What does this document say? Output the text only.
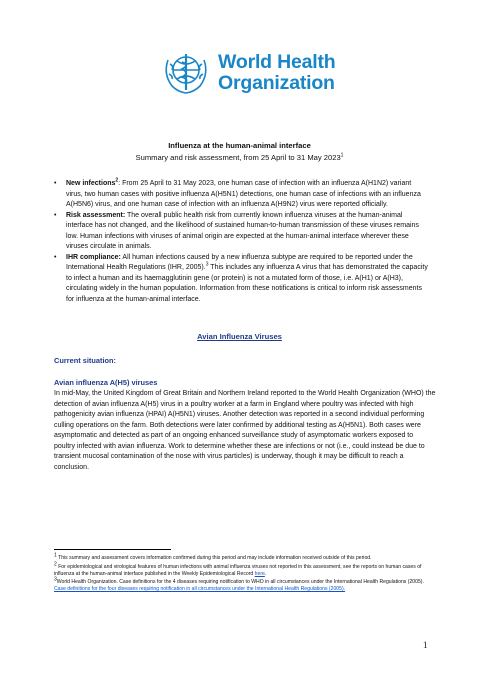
World Health
Organization
Influenza at the human-animal interface
Summary and risk assessment, from 25 April to 31 May 2023$^1$
• New infections$^2$: From 25 April to 31 May 2023, one human case of infection with an influenza A(H1N2) variant virus, two human cases with positive influenza A(H5N1) detections, one human case of infections with an influenza A(H5N6) virus, and one human case of infection with an influenza A(H9N2) virus were reported officially.
• Risk assessment: The overall public health risk from currently known influenza viruses at the human-animal interface has not changed, and the likelihood of sustained human-to-human transmission of these viruses remains low. Human infections with viruses of animal origin are expected at the human-animal interface wherever these viruses circulate in animals.
• IHR compliance: All human infections caused by a new influenza subtype are required to be reported under the International Health Regulations (IHR, 2005).$^3$ This includes any influenza A virus that has demonstrated the capacity to infect a human and its haemagglutinin gene (or protein) is not a mutated form of those, i.e. A(H1) or A(H3), circulating widely in the human population. Information from these notifications is critical to inform risk assessments for influenza at the human-animal interface.
Avian Influenza Viruses
Current situation:
Avian influenza A(H5) viruses
In mid-May, the United Kingdom of Great Britain and Northern Ireland reported to the World Health Organization (WHO) the detection of avian influenza A(H5) virus in a poultry worker at a farm in England where poultry was infected with high pathogenicity avian influenza (HPAI) A(H5N1) viruses. Another detection was reported in a second individual performing culling operations on the farm. Both detections were later confirmed by additional testing as A(H5N1). Both cases were asymptomatic and detected as part of an ongoing enhanced surveillance study of asymptomatic workers exposed to poultry infected with avian influenza. Work to determine whether these are infections or not (i.e., could instead be due to transient mucosal contamination of the nose with virus particles) is underway, though it may be difficult to reach a conclusion.
$^1$ This summary and assessment covers information confirmed during this period and may include information received outside of this period.
$^2$ For epidemiological and virological features of human infections with animal influenza viruses not reported in this assessment, see the reports on human cases of influenza at the human-animal interface published in the Weekly Epidemiological Record here.
$^3$World Health Organization. Case definitions for the 4 diseases requiring notification to WHO in all circumstances under the International Health Regulations (2005). Case definitions for the four diseases requiring notification in all circumstances under the International Health Regulations (2005).
1
